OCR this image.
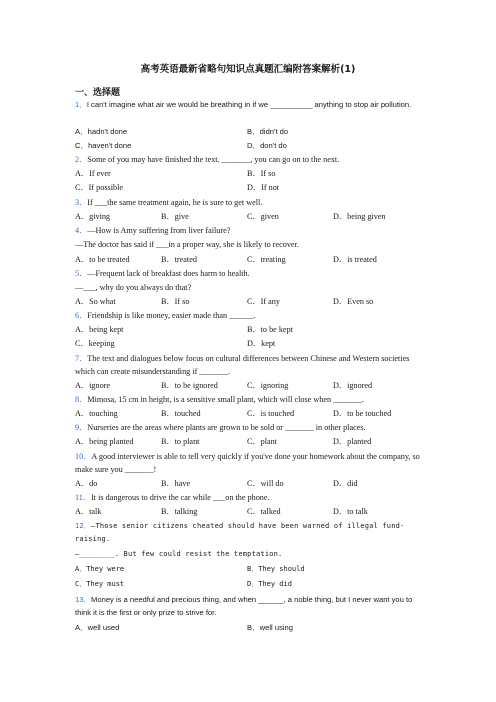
高考英语最新省略句知识点真题汇编附答案解析(1)
一、选择题
1．I can't imagine what air we would be breathing in if we __________ anything to stop air pollution.
A．hadn't done	B．didn't do
C．haven't done	D．don't do
2．Some of you may have finished the text. _______, you can go on to the next.
A．If ever	B．If so
C．If possible	D．If not
3．If ___the same treatment again, he is sure to get well.
A．giving	B．give	C．given	D．being given
4．—How is Amy suffering from liver failure?
—The doctor has said if ___in a proper way, she is likely to recover.
A．to be treated	B．treated	C．treating	D．is treated
5．—Frequent lack of breakfast does harm to health.
—___, why do you always do that?
A．So what	B．If so	C．If any	D．Even so
6．Friendship is like money, easier made than ______.
A．being kept	B．to be kept
C．keeping	D．kept
7．The text and dialogues below focus on cultural differences between Chinese and Western societies which can create misunderstanding if _______.
A．ignore	B．to be ignored	C．ignoring	D．ignored
8．Mimosa, 15 cm in height, is a sensitive small plant, which will close when _______.
A．touching	B．touched	C．is touched	D．to be touched
9．Nurseries are the areas where plants are grown to be sold or _______ in other places.
A．being planted	B．to plant	C．plant	D．planted
10．A good interviewer is able to tell very quickly if you've done your homework about the company, so make sure you _______!
A．do	B．have	C．will do	D．did
11．It is dangerous to drive the car while ___on the phone.
A．talk	B．talking	C．talked	D．to talk
12．—Those senior citizens cheated should have been warned of illegal fund-raising.
—________. But few could resist the temptation.
A．They were	B．They should
C．They must	D．They did
13．Money is a needful and precious thing, and when ______, a noble thing, but I never want you to think it is the first or only prize to strive for.
A．well used	B．well using
